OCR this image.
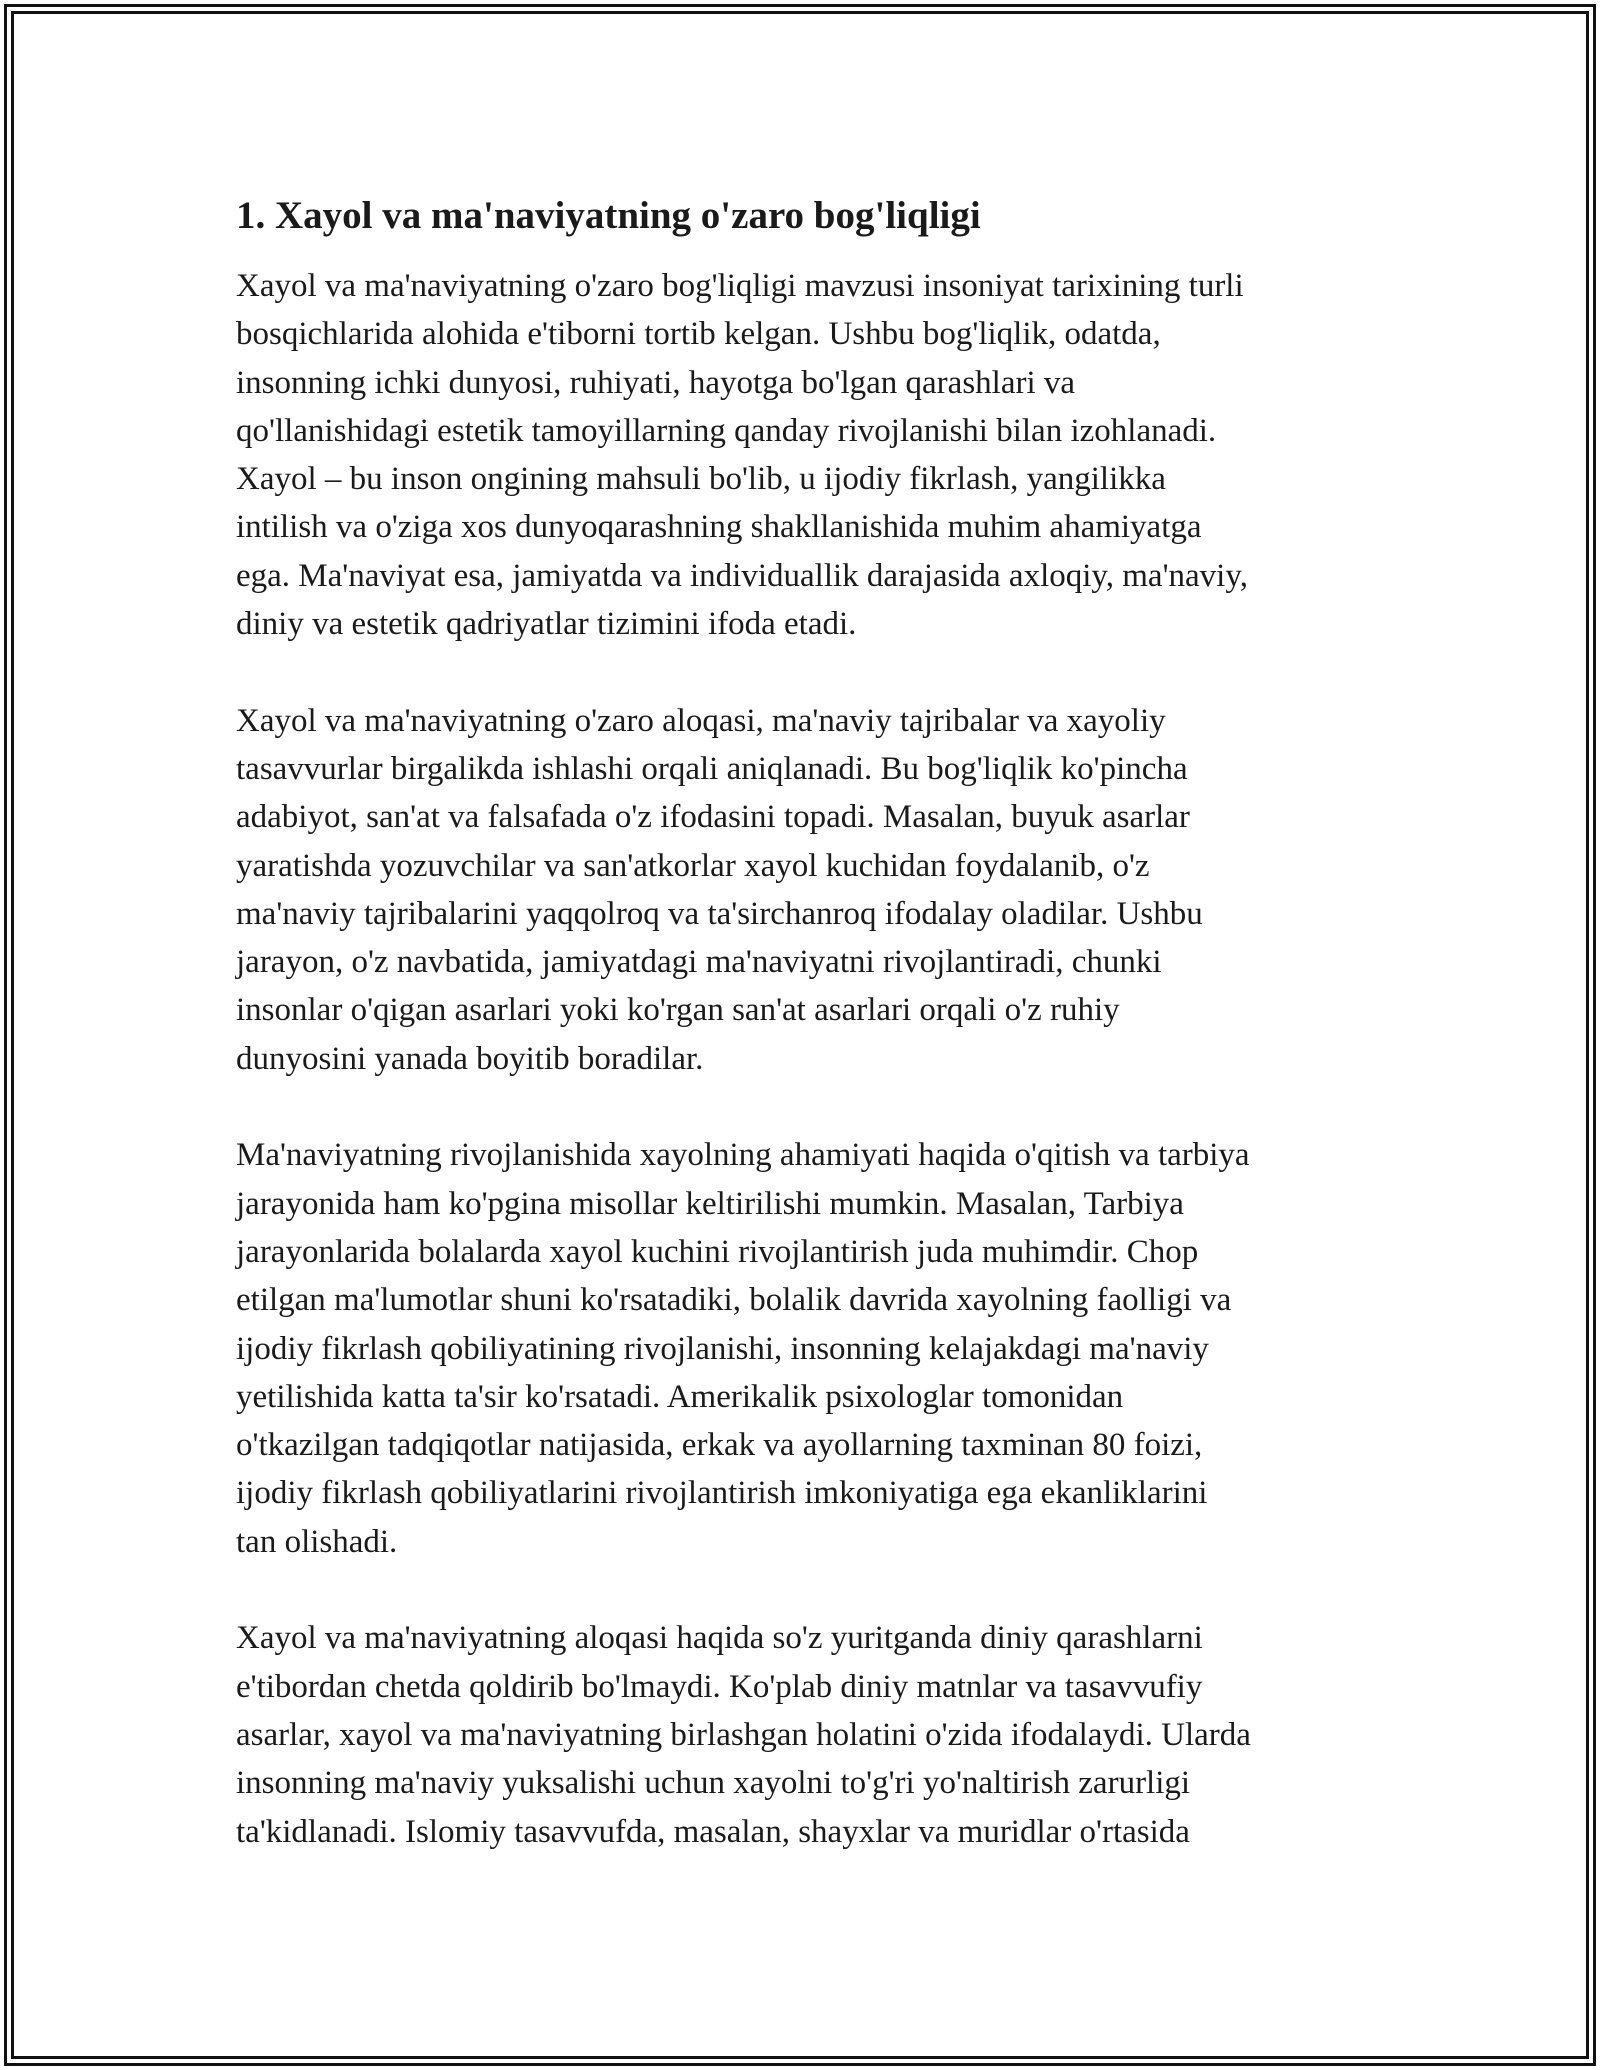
1. Xayol va ma'naviyatning o'zaro bog'liqligi

Xayol va ma'naviyatning o'zaro bog'liqligi mavzusi insoniyat tarixining turli
bosqichlarida alohida e'tiborni tortib kelgan. Ushbu bog'liqlik, odatda,
insonning ichki dunyosi, ruhiyati, hayotga bo'lgan qarashlari va
qo'llanishidagi estetik tamoyillarning qanday rivojlanishi bilan izohlanadi.
Xayol – bu inson ongining mahsuli bo'lib, u ijodiy fikrlash, yangilikka
intilish va o'ziga xos dunyoqarashning shakllanishida muhim ahamiyatga
ega. Ma'naviyat esa, jamiyatda va individuallik darajasida axloqiy, ma'naviy,
diniy va estetik qadriyatlar tizimini ifoda etadi.

Xayol va ma'naviyatning o'zaro aloqasi, ma'naviy tajribalar va xayoliy
tasavvurlar birgalikda ishlashi orqali aniqlanadi. Bu bog'liqlik ko'pincha
adabiyot, san'at va falsafada o'z ifodasini topadi. Masalan, buyuk asarlar
yaratishda yozuvchilar va san'atkorlar xayol kuchidan foydalanib, o'z
ma'naviy tajribalarini yaqqolroq va ta'sirchanroq ifodalay oladilar. Ushbu
jarayon, o'z navbatida, jamiyatdagi ma'naviyatni rivojlantiradi, chunki
insonlar o'qigan asarlari yoki ko'rgan san'at asarlari orqali o'z ruhiy
dunyosini yanada boyitib boradilar.

Ma'naviyatning rivojlanishida xayolning ahamiyati haqida o'qitish va tarbiya
jarayonida ham ko'pgina misollar keltirilishi mumkin. Masalan, Tarbiya
jarayonlarida bolalarda xayol kuchini rivojlantirish juda muhimdir. Chop
etilgan ma'lumotlar shuni ko'rsatadiki, bolalik davrida xayolning faolligi va
ijodiy fikrlash qobiliyatining rivojlanishi, insonning kelajakdagi ma'naviy
yetilishida katta ta'sir ko'rsatadi. Amerikalik psixologlar tomonidan
o'tkazilgan tadqiqotlar natijasida, erkak va ayollarning taxminan 80 foizi,
ijodiy fikrlash qobiliyatlarini rivojlantirish imkoniyatiga ega ekanliklarini
tan olishadi.

Xayol va ma'naviyatning aloqasi haqida so'z yuritganda diniy qarashlarni
e'tibordan chetda qoldirib bo'lmaydi. Ko'plab diniy matnlar va tasavvufiy
asarlar, xayol va ma'naviyatning birlashgan holatini o'zida ifodalaydi. Ularda
insonning ma'naviy yuksalishi uchun xayolni to'g'ri yo'naltirish zarurligi
ta'kidlanadi. Islomiy tasavvufda, masalan, shayxlar va muridlar o'rtasida
